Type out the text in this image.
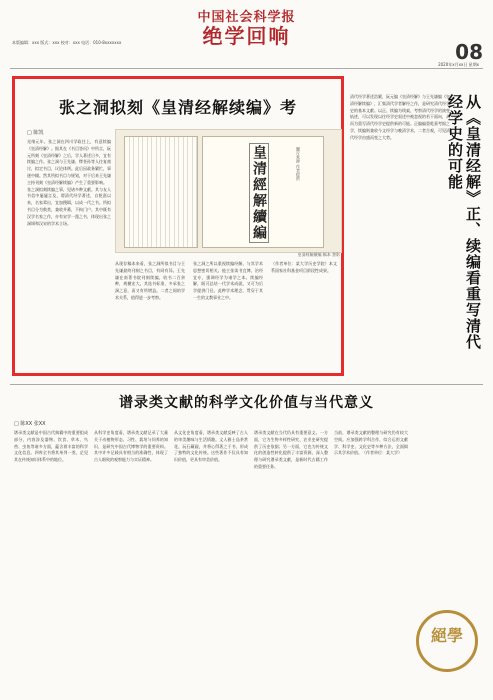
中国社会科学报
绝学回响
本版编辑：xxx 版式：xxx 校对：xxx 电话：010-8xxxxxxx	08
2020年x月xx日 星期x
张之洞拟刻《皇清经解续编》考
□ 陈凯

光绪元年，张之洞在四川学政任上，有意续编《皇清经解》。据其在《书目答问》中所言，阮元所刻《皇清经解》之后，学人著述日多，宜有续编之作。张之洞与王先谦、缪荃孙等人往复商讨，拟定书目，议论体例。此后因政务繁忙，事遂中辍。然其所拟书目与规划，对于后来王先谦主持刊刻《皇清经解续编》产生了重要影响。

张之洞拟刻续编之事，见诸多种文献。其与友人书信中屡屡言及，谓清代经学著述，自乾嘉以来，名家辈出，宜加搜辑，以成一代之书。所拟书目分为数类，兼收并蓄，不拘门户。其中既有汉学名家之作，亦有宋学一派之书，体现出张之洞调和汉宋的学术立场。	皇清經解續編	圖片來源 作者提供
皇清經解續編 稿本 書影

从现存稿本来看，张之洞所拟书目与王先谦最终刊刻之书目，有同有异。王先谦在南菁书院刊刻续编，收书二百余种，规模宏大。其选书标准，多承张之洞之意，而又有所增益。二者之间的学术关系，值得进一步考察。

张之洞之所以重视续编经解，与其学术思想密切相关。他主张读书宜博，治经宜专，强调经学为诸学之本。续编经解，既可总结一代学术成就，又可为后学提供门径。此种学术理念，贯穿于其一生的文教事业之中。

（作者单位：某大学历史学院）本文系国家社科基金项目阶段性成果。

清代经学著述浩繁，阮元编《皇清经解》与王先谦编《皇清经解续编》，汇集清代学者解经之作，是研究清代经学史的基本文献。以正、续编为线索，考察清代经学的演变轨迹，可以发现以往经学史叙述中被忽视的若干面向，从而为重写清代经学史提供新的可能。正编偏重乾嘉考据之学，续编则兼收今文经学与晚清学术，二者合观，可见清代经学由盛而变之大势。	从《皇清经解》正、续编看重写清代经学史的可能
谱录类文献的科学文化价值与当代意义
□ 陈XX 张XX
谱录类文献是中国古代典籍中的重要组成部分，内容涉及器物、饮食、草木、鸟兽、虫鱼等诸多方面，蕴含着丰富的科学文化信息。四库全书将其单列一类，足见其在传统知识体系中的地位。
从科学史角度看，谱录类文献记录了大量关于动植物形态、习性、栽培与饲养的知识，是研究中国古代博物学的重要资料。其中许多记载具有相当的准确性，体现了古人细致的观察能力与实证精神。
从文化史角度看，谱录类文献反映了古人的审美趣味与生活情趣。文人雅士品茶赏花、玩石藏砚，并将心得著之于书，形成了独特的文化传统。这些著作不仅具有知识价值，更具有审美价值。
谱录类文献在当代仍具有重要意义。一方面，它为生物多样性研究、农业史研究提供了历史依据；另一方面，它也为传统文化的创造性转化提供了丰富资源。深入整理与研究谱录类文献，是新时代古籍工作的重要任务。
当前，谱录类文献的整理与研究仍有较大空间。应加强跨学科合作，综合运用文献学、科学史、文化史等多种方法，全面揭示其学术价值。（作者单位：某大学）
絕學
